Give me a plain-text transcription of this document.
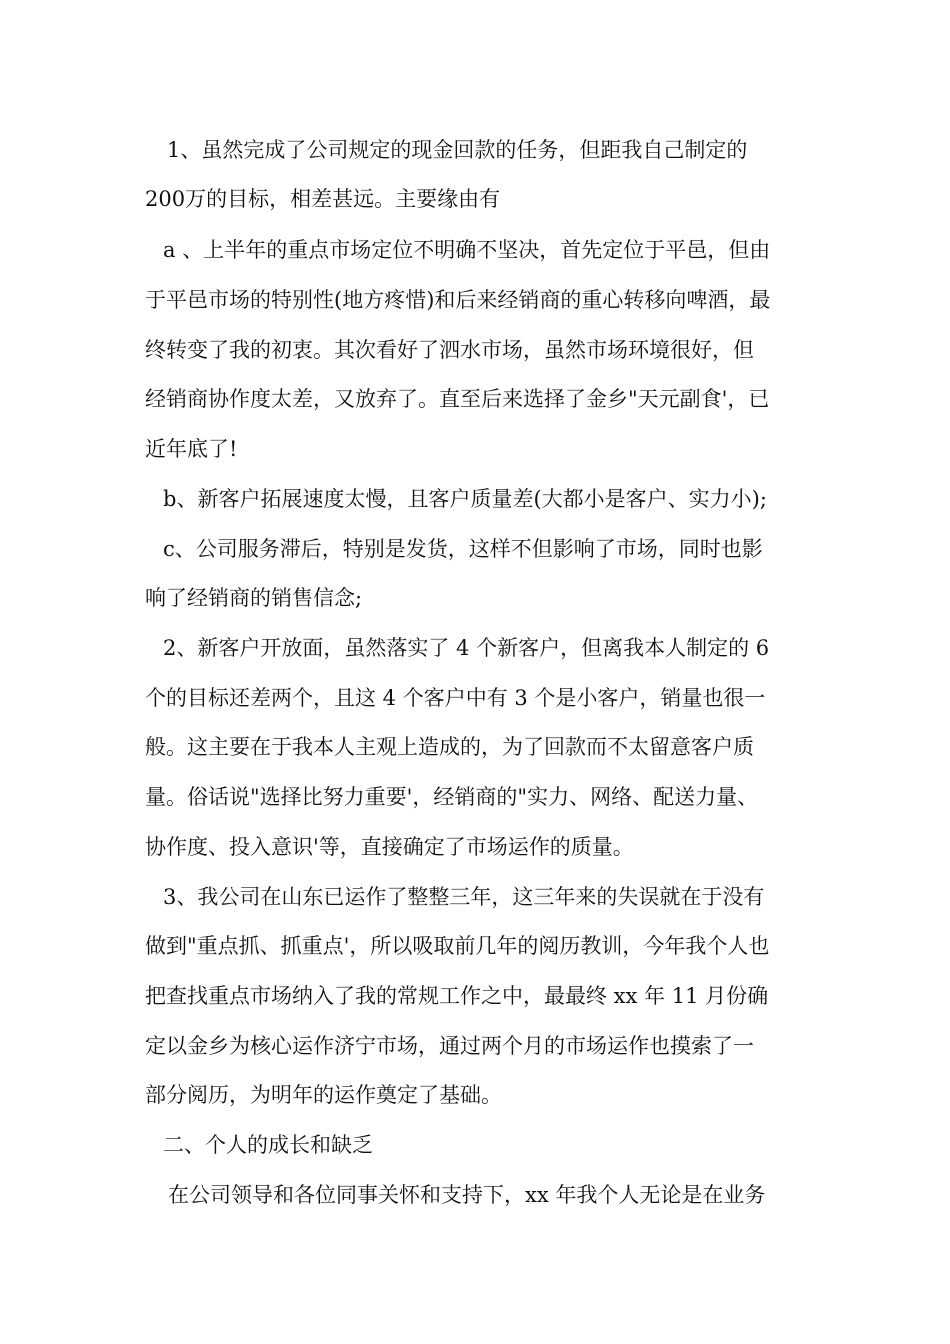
1、虽然完成了公司规定的现金回款的任务，但距我自己制定的

200万的目标，相差甚远。主要缘由有

a 、上半年的重点市场定位不明确不坚决，首先定位于平邑，但由

于平邑市场的特别性(地方疼惜)和后来经销商的重心转移向啤酒，最

终转变了我的初衷。其次看好了泗水市场，虽然市场环境很好，但

经销商协作度太差，又放弃了。直至后来选择了金乡"天元副食'，已

近年底了!

b、新客户拓展速度太慢，且客户质量差(大都小是客户、实力小);

c、公司服务滞后，特别是发货，这样不但影响了市场，同时也影

响了经销商的销售信念;

2、新客户开放面，虽然落实了 4 个新客户，但离我本人制定的 6

个的目标还差两个，且这 4 个客户中有 3 个是小客户，销量也很一

般。这主要在于我本人主观上造成的，为了回款而不太留意客户质

量。俗话说"选择比努力重要'，经销商的"实力、网络、配送力量、

协作度、投入意识'等，直接确定了市场运作的质量。

3、我公司在山东已运作了整整三年，这三年来的失误就在于没有

做到"重点抓、抓重点'，所以吸取前几年的阅历教训，今年我个人也

把查找重点市场纳入了我的常规工作之中，最最终 xx 年 11 月份确

定以金乡为核心运作济宁市场，通过两个月的市场运作也摸索了一

部分阅历，为明年的运作奠定了基础。

二、个人的成长和缺乏

在公司领导和各位同事关怀和支持下，xx 年我个人无论是在业务
